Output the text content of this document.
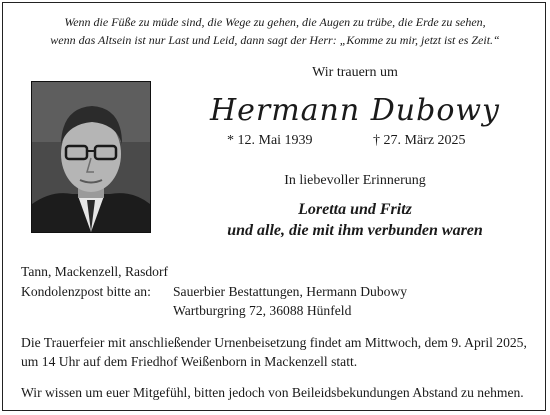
Wenn die Füße zu müde sind, die Wege zu gehen, die Augen zu trübe, die Erde zu sehen,
wenn das Altsein ist nur Last und Leid, dann sagt der Herr: „Komme zu mir, jetzt ist es Zeit.“
Wir trauern um
Hermann Dubowy
* 12. Mai 1939	† 27. März 2025
In liebevoller Erinnerung
Loretta und Fritz
und alle, die mit ihm verbunden waren
Tann, Mackenzell, Rasdorf
Kondolenzpost bitte an: Sauerbier Bestattungen, Hermann Dubowy
Wartburgring 72, 36088 Hünfeld
Die Trauerfeier mit anschließender Urnenbeisetzung findet am Mittwoch, dem 9. April 2025,
um 14 Uhr auf dem Friedhof Weißenborn in Mackenzell statt.
Wir wissen um euer Mitgefühl, bitten jedoch von Beileidsbekundungen Abstand zu nehmen.
